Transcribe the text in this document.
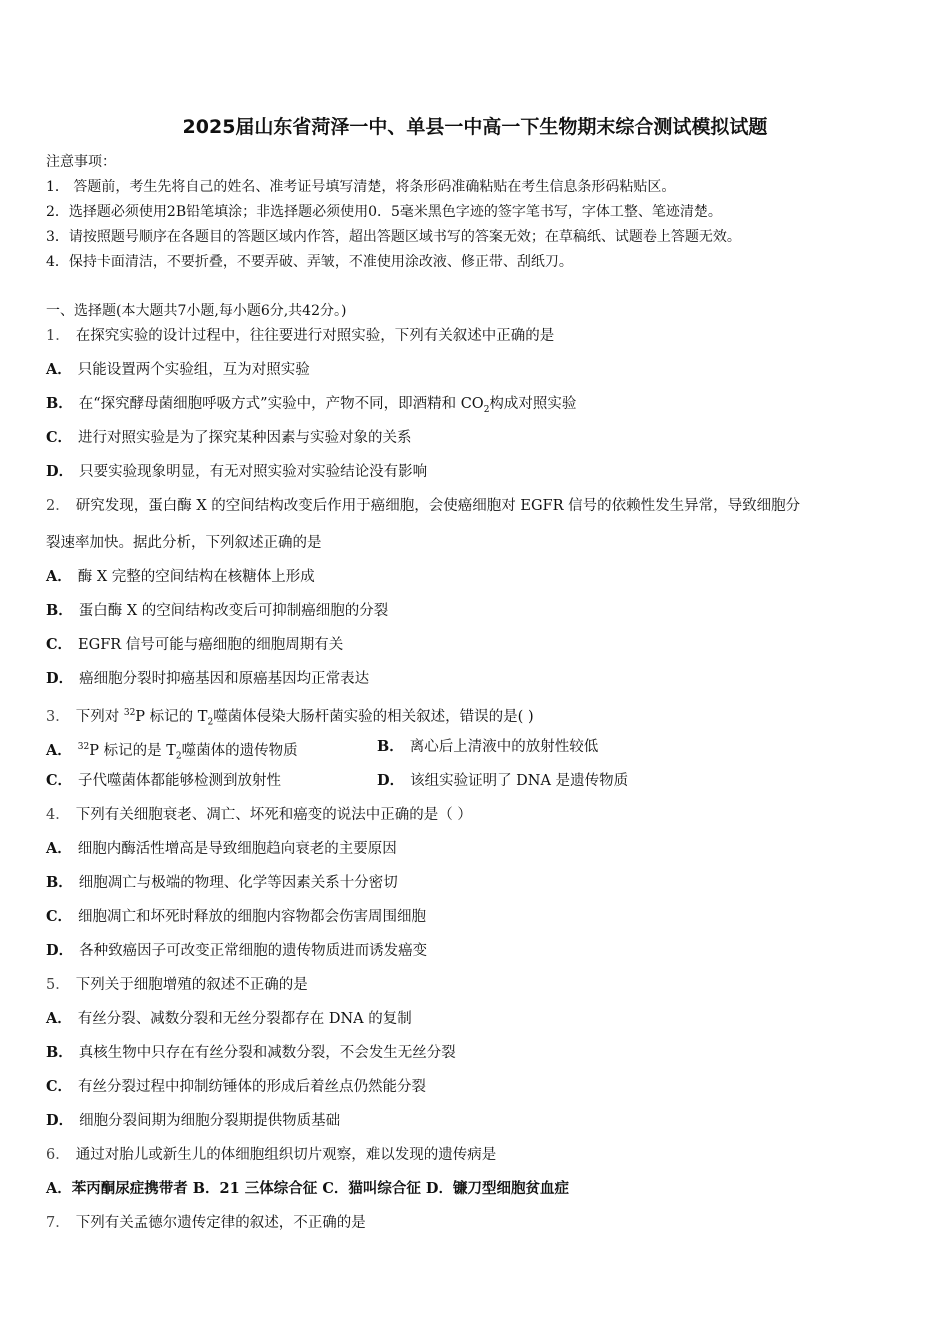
2025届山东省菏泽一中、单县一中高一下生物期末综合测试模拟试题
注意事项：
1． 答题前，考生先将自己的姓名、准考证号填写清楚，将条形码准确粘贴在考生信息条形码粘贴区。
2．选择题必须使用2B铅笔填涂；非选择题必须使用0．5毫米黑色字迹的签字笔书写，字体工整、笔迹清楚。
3．请按照题号顺序在各题目的答题区域内作答，超出答题区域书写的答案无效；在草稿纸、试题卷上答题无效。
4．保持卡面清洁，不要折叠，不要弄破、弄皱，不准使用涂改液、修正带、刮纸刀。
一、选择题(本大题共7小题,每小题6分,共42分。)
1． 在探究实验的设计过程中，往往要进行对照实验，下列有关叙述中正确的是
A． 只能设置两个实验组，互为对照实验
B． 在“探究酵母菌细胞呼吸方式”实验中，产物不同，即酒精和 $CO_2$构成对照实验
C． 进行对照实验是为了探究某种因素与实验对象的关系
D． 只要实验现象明显，有无对照实验对实验结论没有影响
2． 研究发现，蛋白酶 X 的空间结构改变后作用于癌细胞，会使癌细胞对 EGFR 信号的依赖性发生异常，导致细胞分
裂速率加快。据此分析，下列叙述正确的是
A． 酶 X 完整的空间结构在核糖体上形成
B． 蛋白酶 X 的空间结构改变后可抑制癌细胞的分裂
C． EGFR 信号可能与癌细胞的细胞周期有关
D． 癌细胞分裂时抑癌基因和原癌基因均正常表达
3． 下列对 $^{32}$P 标记的 $T_2$噬菌体侵染大肠杆菌实验的相关叙述，错误的是( )
A． $^{32}$P 标记的是 $T_2$噬菌体的遗传物质	B． 离心后上清液中的放射性较低
C． 子代噬菌体都能够检测到放射性	D． 该组实验证明了 DNA 是遗传物质
4． 下列有关细胞衰老、凋亡、坏死和癌变的说法中正确的是（ ）
A． 细胞内酶活性增高是导致细胞趋向衰老的主要原因
B． 细胞凋亡与极端的物理、化学等因素关系十分密切
C． 细胞凋亡和坏死时释放的细胞内容物都会伤害周围细胞
D． 各种致癌因子可改变正常细胞的遗传物质进而诱发癌变
5． 下列关于细胞增殖的叙述不正确的是
A． 有丝分裂、减数分裂和无丝分裂都存在 DNA 的复制
B． 真核生物中只存在有丝分裂和减数分裂，不会发生无丝分裂
C． 有丝分裂过程中抑制纺锤体的形成后着丝点仍然能分裂
D． 细胞分裂间期为细胞分裂期提供物质基础
6． 通过对胎儿或新生儿的体细胞组织切片观察，难以发现的遗传病是
A．苯丙酮尿症携带者 B．21 三体综合征 C．猫叫综合征 D．镰刀型细胞贫血症
7． 下列有关孟德尔遗传定律的叙述，不正确的是
